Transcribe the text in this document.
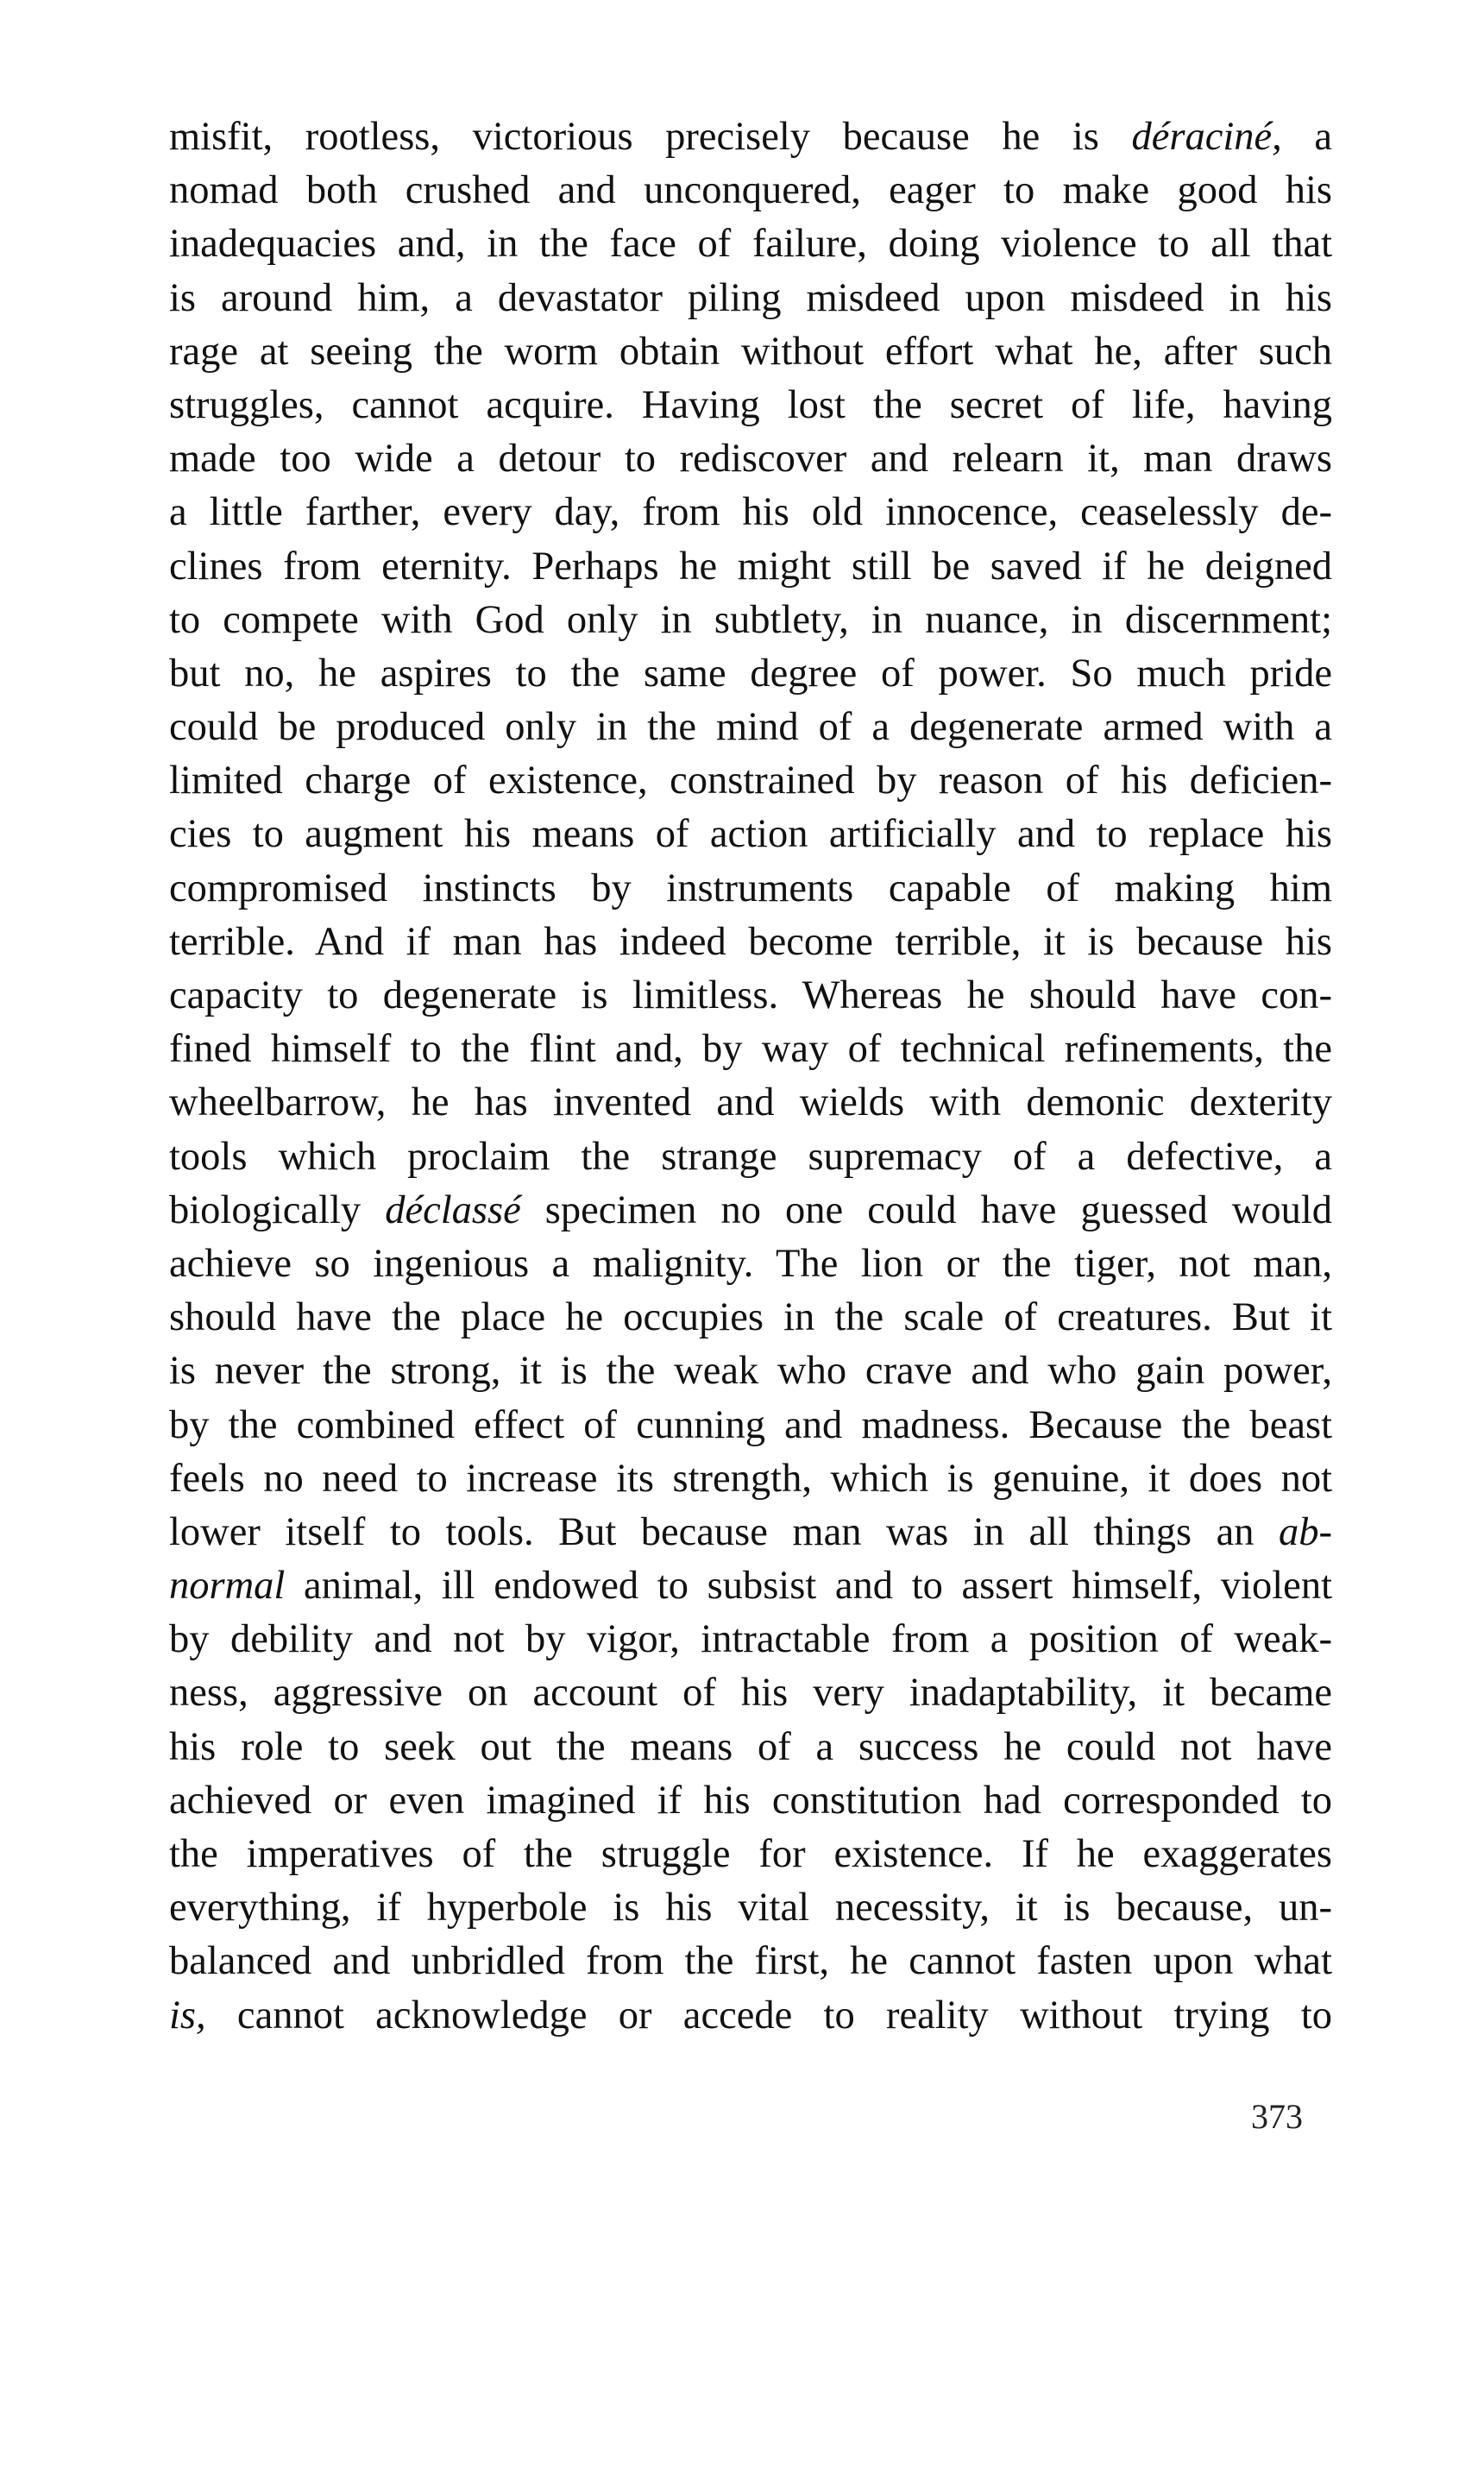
misfit, rootless, victorious precisely because he is déraciné, a
nomad both crushed and unconquered, eager to make good his
inadequacies and, in the face of failure, doing violence to all that
is around him, a devastator piling misdeed upon misdeed in his
rage at seeing the worm obtain without effort what he, after such
struggles, cannot acquire. Having lost the secret of life, having
made too wide a detour to rediscover and relearn it, man draws
a little farther, every day, from his old innocence, ceaselessly de-
clines from eternity. Perhaps he might still be saved if he deigned
to compete with God only in subtlety, in nuance, in discernment;
but no, he aspires to the same degree of power. So much pride
could be produced only in the mind of a degenerate armed with a
limited charge of existence, constrained by reason of his deficien-
cies to augment his means of action artificially and to replace his
compromised instincts by instruments capable of making him
terrible. And if man has indeed become terrible, it is because his
capacity to degenerate is limitless. Whereas he should have con-
fined himself to the flint and, by way of technical refinements, the
wheelbarrow, he has invented and wields with demonic dexterity
tools which proclaim the strange supremacy of a defective, a
biologically déclassé specimen no one could have guessed would
achieve so ingenious a malignity. The lion or the tiger, not man,
should have the place he occupies in the scale of creatures. But it
is never the strong, it is the weak who crave and who gain power,
by the combined effect of cunning and madness. Because the beast
feels no need to increase its strength, which is genuine, it does not
lower itself to tools. But because man was in all things an ab-
normal animal, ill endowed to subsist and to assert himself, violent
by debility and not by vigor, intractable from a position of weak-
ness, aggressive on account of his very inadaptability, it became
his role to seek out the means of a success he could not have
achieved or even imagined if his constitution had corresponded to
the imperatives of the struggle for existence. If he exaggerates
everything, if hyperbole is his vital necessity, it is because, un-
balanced and unbridled from the first, he cannot fasten upon what
is, cannot acknowledge or accede to reality without trying to
373
